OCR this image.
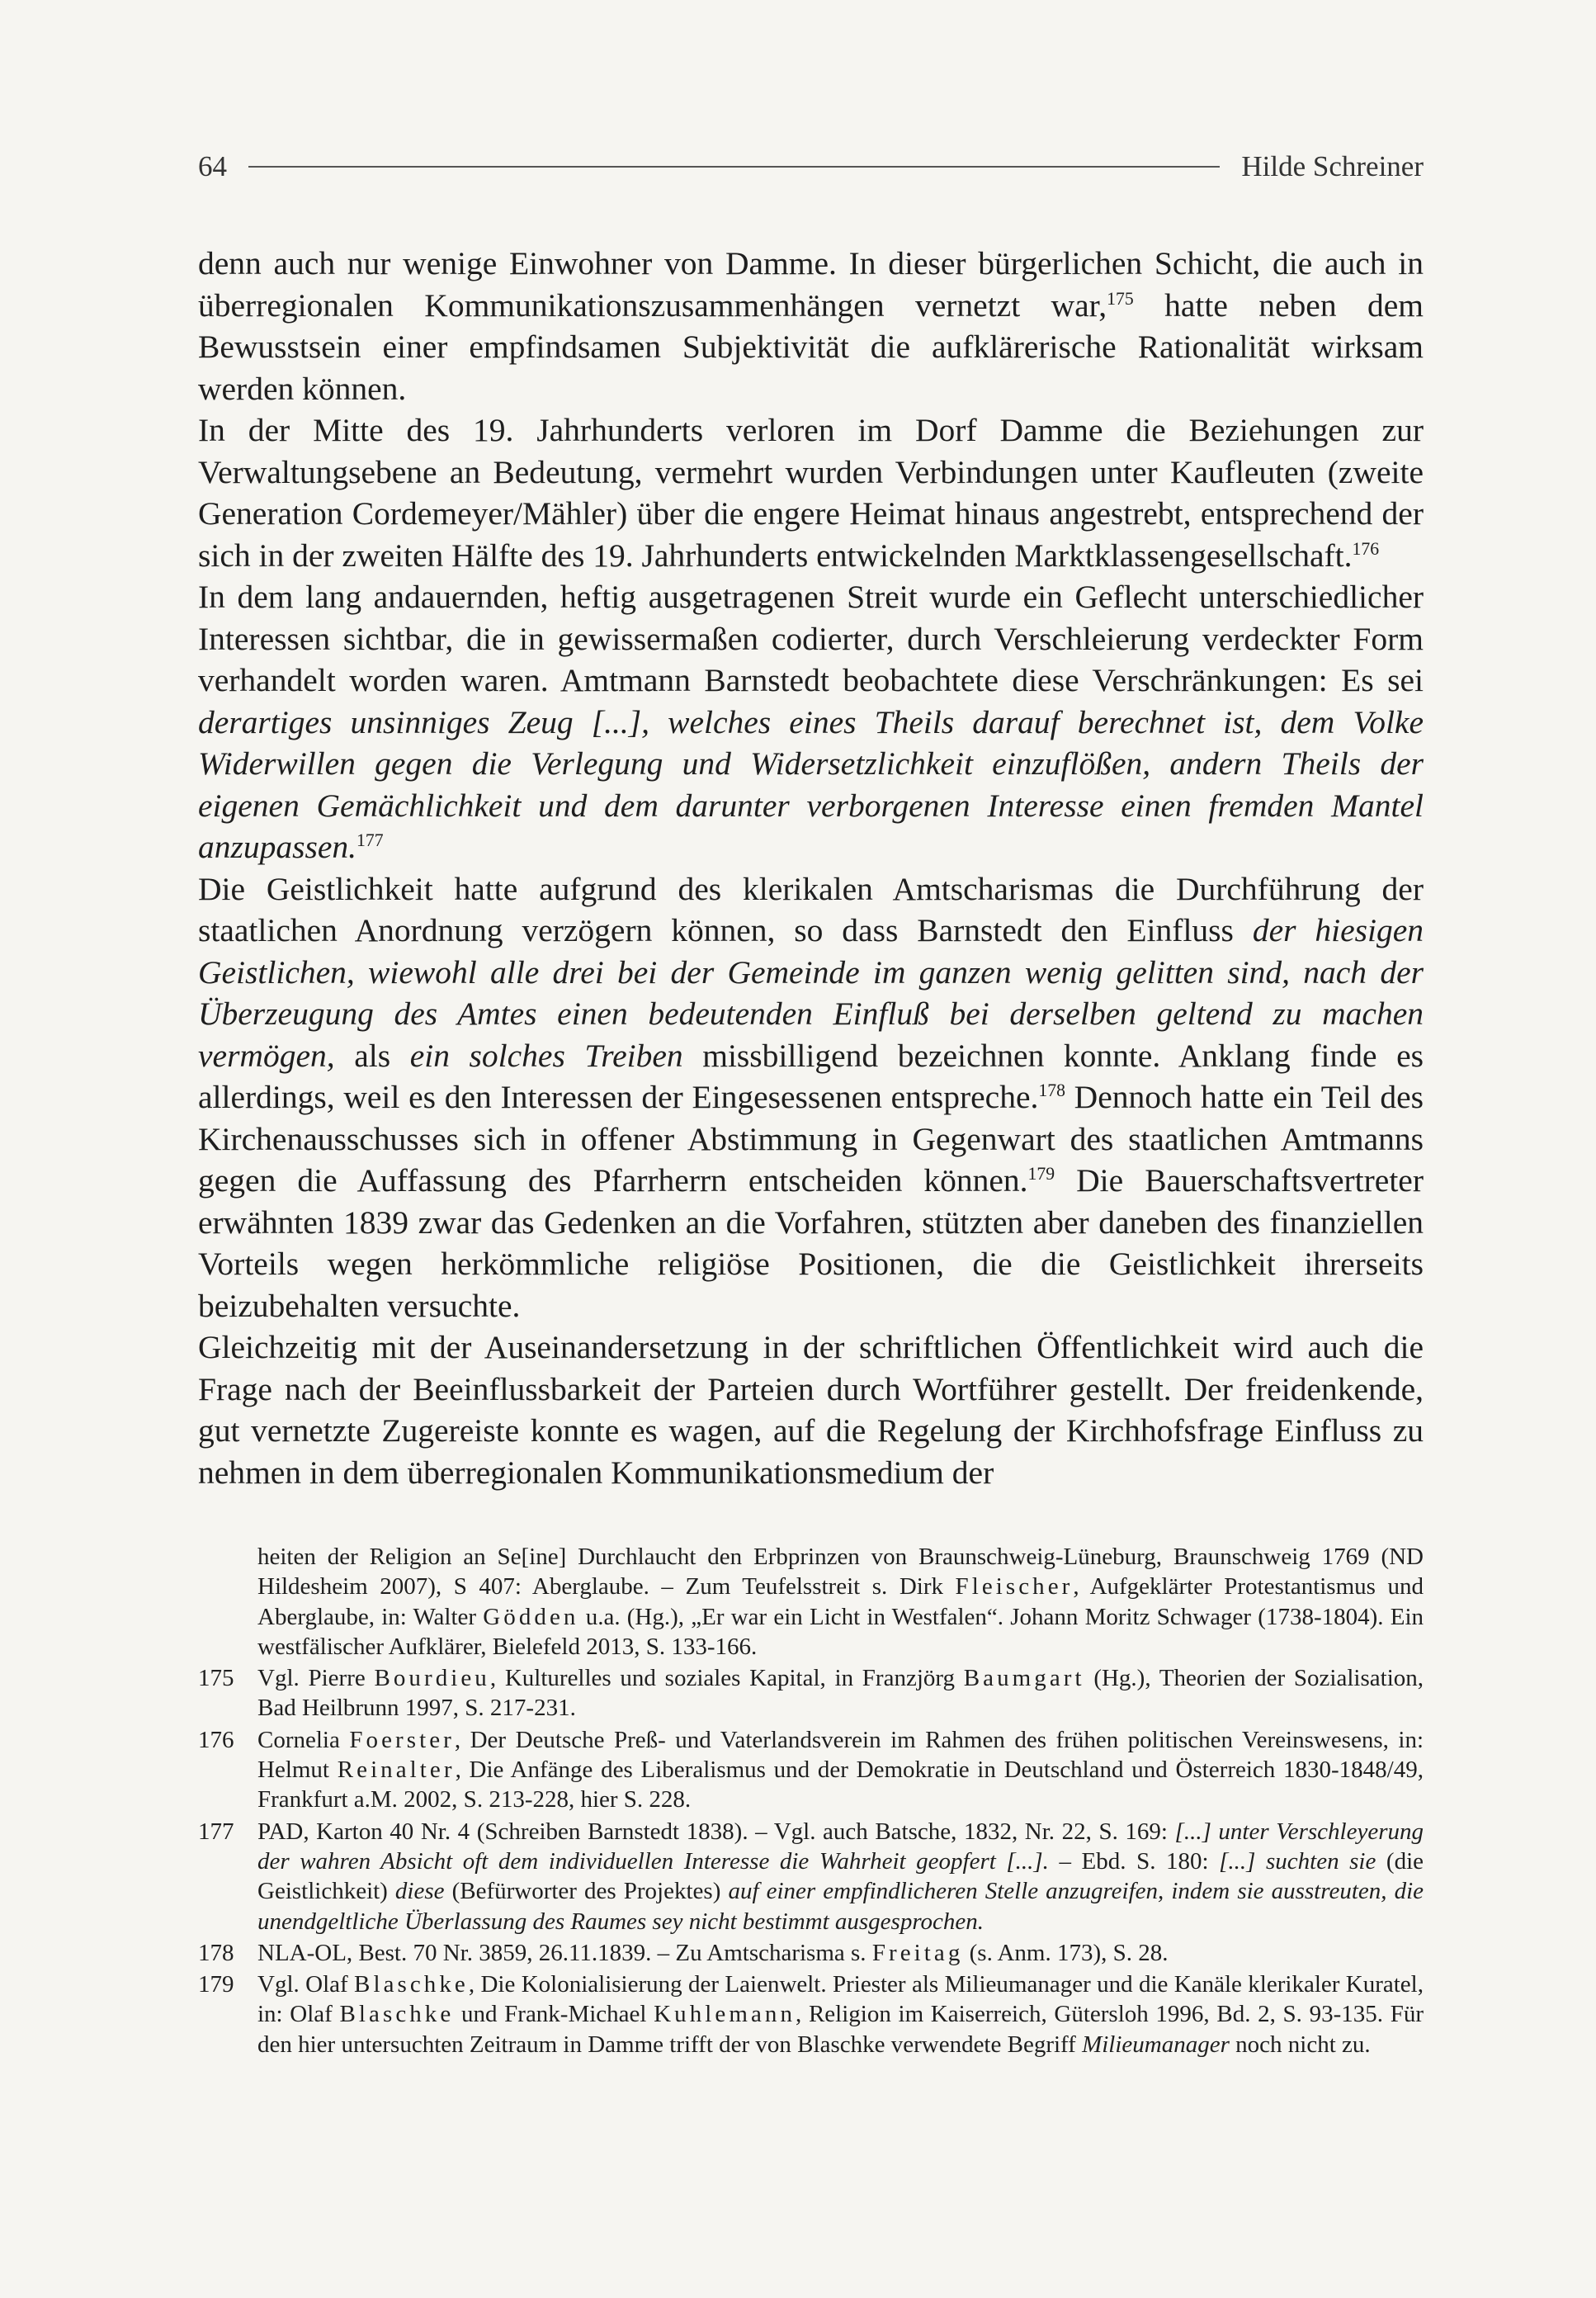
64	Hilde Schreiner

denn auch nur wenige Einwohner von Damme. In dieser bürgerlichen Schicht, die auch in überregionalen Kommunikationszusammenhängen vernetzt war,$^{175}$ hatte neben dem Bewusstsein einer empfindsamen Subjektivität die aufklärerische Rationalität wirksam werden können.

In der Mitte des 19. Jahrhunderts verloren im Dorf Damme die Beziehungen zur Verwaltungsebene an Bedeutung, vermehrt wurden Verbindungen unter Kaufleuten (zweite Generation Cordemeyer/Mähler) über die engere Heimat hinaus angestrebt, entsprechend der sich in der zweiten Hälfte des 19. Jahrhunderts entwickelnden Marktklassengesellschaft.$^{176}$

In dem lang andauernden, heftig ausgetragenen Streit wurde ein Geflecht unterschiedlicher Interessen sichtbar, die in gewissermaßen codierter, durch Verschleierung verdeckter Form verhandelt worden waren. Amtmann Barnstedt beobachtete diese Verschränkungen: Es sei derartiges unsinniges Zeug [...], welches eines Theils darauf berechnet ist, dem Volke Widerwillen gegen die Verlegung und Widersetzlichkeit einzuflößen, andern Theils der eigenen Gemächlichkeit und dem darunter verborgenen Interesse einen fremden Mantel anzupassen.$^{177}$

Die Geistlichkeit hatte aufgrund des klerikalen Amtscharismas die Durchführung der staatlichen Anordnung verzögern können, so dass Barnstedt den Einfluss der hiesigen Geistlichen, wiewohl alle drei bei der Gemeinde im ganzen wenig gelitten sind, nach der Überzeugung des Amtes einen bedeutenden Einfluß bei derselben geltend zu machen vermögen, als ein solches Treiben missbilligend bezeichnen konnte. Anklang finde es allerdings, weil es den Interessen der Eingesessenen entspreche.$^{178}$ Dennoch hatte ein Teil des Kirchenausschusses sich in offener Abstimmung in Gegenwart des staatlichen Amtmanns gegen die Auffassung des Pfarrherrn entscheiden können.$^{179}$ Die Bauerschaftsvertreter erwähnten 1839 zwar das Gedenken an die Vorfahren, stützten aber daneben des finanziellen Vorteils wegen herkömmliche religiöse Positionen, die die Geistlichkeit ihrerseits beizubehalten versuchte.

Gleichzeitig mit der Auseinandersetzung in der schriftlichen Öffentlichkeit wird auch die Frage nach der Beeinflussbarkeit der Parteien durch Wortführer gestellt. Der freidenkende, gut vernetzte Zugereiste konnte es wagen, auf die Regelung der Kirchhofsfrage Einfluss zu nehmen in dem überregionalen Kommunikationsmedium der

heiten der Religion an Se[ine] Durchlaucht den Erbprinzen von Braunschweig-Lüneburg, Braunschweig 1769 (ND Hildesheim 2007), S 407: Aberglaube. – Zum Teufelsstreit s. Dirk Fleischer, Aufgeklärter Protestantismus und Aberglaube, in: Walter Gödden u.a. (Hg.), „Er war ein Licht in Westfalen“. Johann Moritz Schwager (1738-1804). Ein westfälischer Aufklärer, Bielefeld 2013, S. 133-166.
175 Vgl. Pierre Bourdieu, Kulturelles und soziales Kapital, in Franzjörg Baumgart (Hg.), Theorien der Sozialisation, Bad Heilbrunn 1997, S. 217-231.
176 Cornelia Foerster, Der Deutsche Preß- und Vaterlandsverein im Rahmen des frühen politischen Vereinswesens, in: Helmut Reinalter, Die Anfänge des Liberalismus und der Demokratie in Deutschland und Österreich 1830-1848/49, Frankfurt a.M. 2002, S. 213-228, hier S. 228.
177 PAD, Karton 40 Nr. 4 (Schreiben Barnstedt 1838). – Vgl. auch Batsche, 1832, Nr. 22, S. 169: [...] unter Verschleyerung der wahren Absicht oft dem individuellen Interesse die Wahrheit geopfert [...]. – Ebd. S. 180: [...] suchten sie (die Geistlichkeit) diese (Befürworter des Projektes) auf einer empfindlicheren Stelle anzugreifen, indem sie ausstreuten, die unendgeltliche Überlassung des Raumes sey nicht bestimmt ausgesprochen.
178 NLA-OL, Best. 70 Nr. 3859, 26.11.1839. – Zu Amtscharisma s. Freitag (s. Anm. 173), S. 28.
179 Vgl. Olaf Blaschke, Die Kolonialisierung der Laienwelt. Priester als Milieumanager und die Kanäle klerikaler Kuratel, in: Olaf Blaschke und Frank-Michael Kuhlemann, Religion im Kaiserreich, Gütersloh 1996, Bd. 2, S. 93-135. Für den hier untersuchten Zeitraum in Damme trifft der von Blaschke verwendete Begriff Milieumanager noch nicht zu.
